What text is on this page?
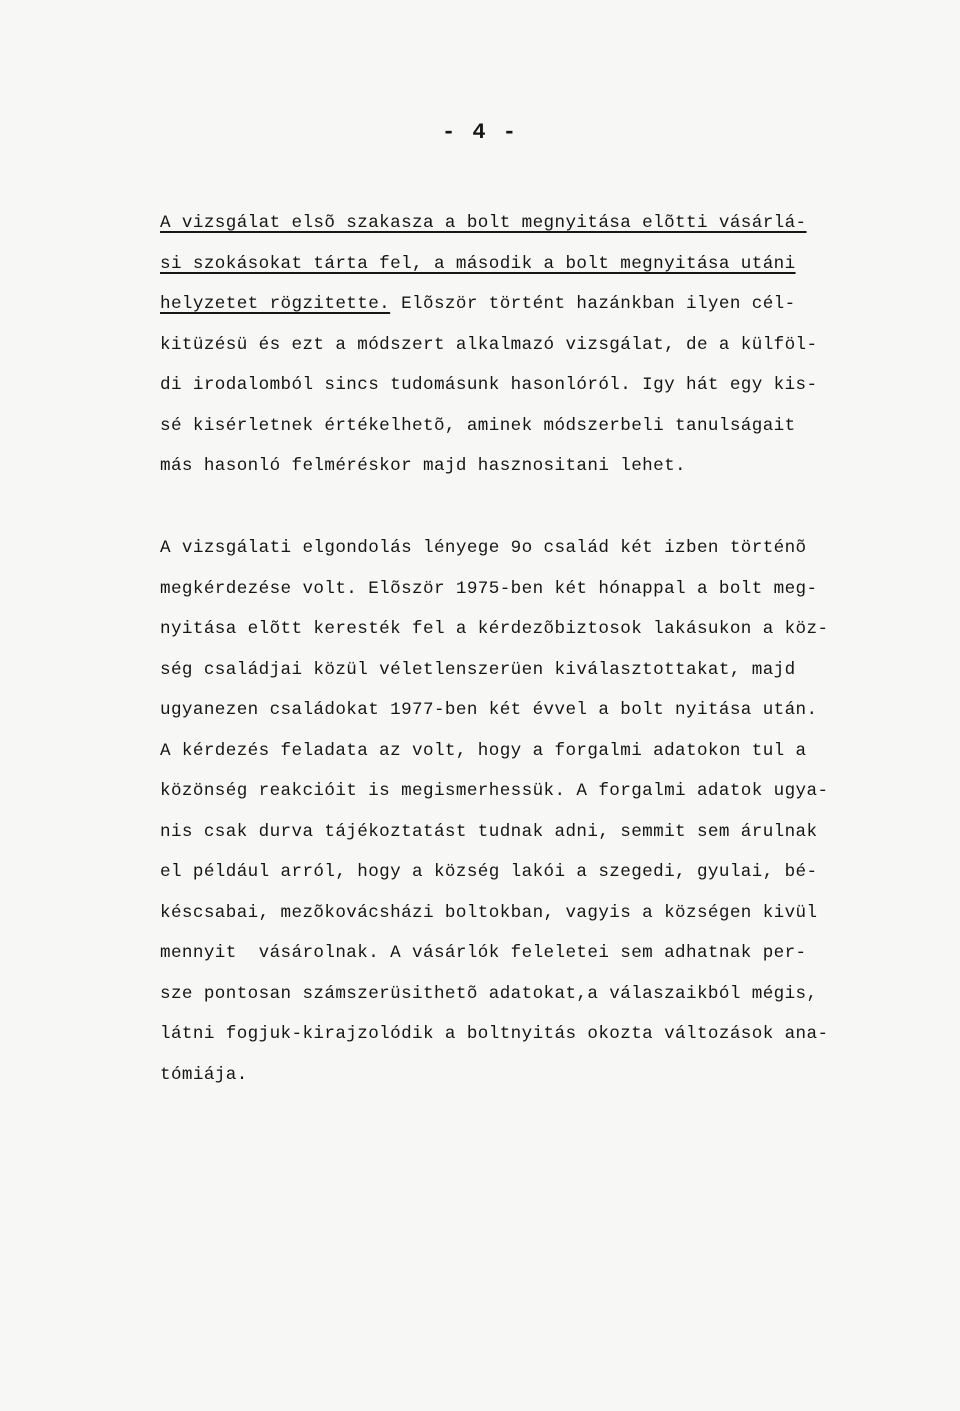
- 4 -
A vizsgálat elsõ szakasza a bolt megnyitása elõtti vásárlá-
si szokásokat tárta fel, a második a bolt megnyitása utáni
helyzetet rögzitette. Elõször történt hazánkban ilyen cél-
kitüzésü és ezt a módszert alkalmazó vizsgálat, de a külföl-
di irodalomból sincs tudomásunk hasonlóról. Igy hát egy kis-
sé kisérletnek értékelhetõ, aminek módszerbeli tanulságait
más hasonló felméréskor majd hasznositani lehet.
A vizsgálati elgondolás lényege 9o család két izben történõ
megkérdezése volt. Elõször 1975-ben két hónappal a bolt meg-
nyitása elõtt keresték fel a kérdezõbiztosok lakásukon a köz-
ség családjai közül véletlenszerüen kiválasztottakat, majd
ugyanezen családokat 1977-ben két évvel a bolt nyitása után.
A kérdezés feladata az volt, hogy a forgalmi adatokon tul a
közönség reakcióit is megismerhessük. A forgalmi adatok ugya-
nis csak durva tájékoztatást tudnak adni, semmit sem árulnak
el például arról, hogy a község lakói a szegedi, gyulai, bé-
késcsabai, mezõkovácsházi boltokban, vagyis a községen kivül
mennyit  vásárolnak. A vásárlók feleletei sem adhatnak per-
sze pontosan számszerüsithetõ adatokat,a válaszaikból mégis,
látni fogjuk-kirajzolódik a boltnyitás okozta változások ana-
tómiája.
